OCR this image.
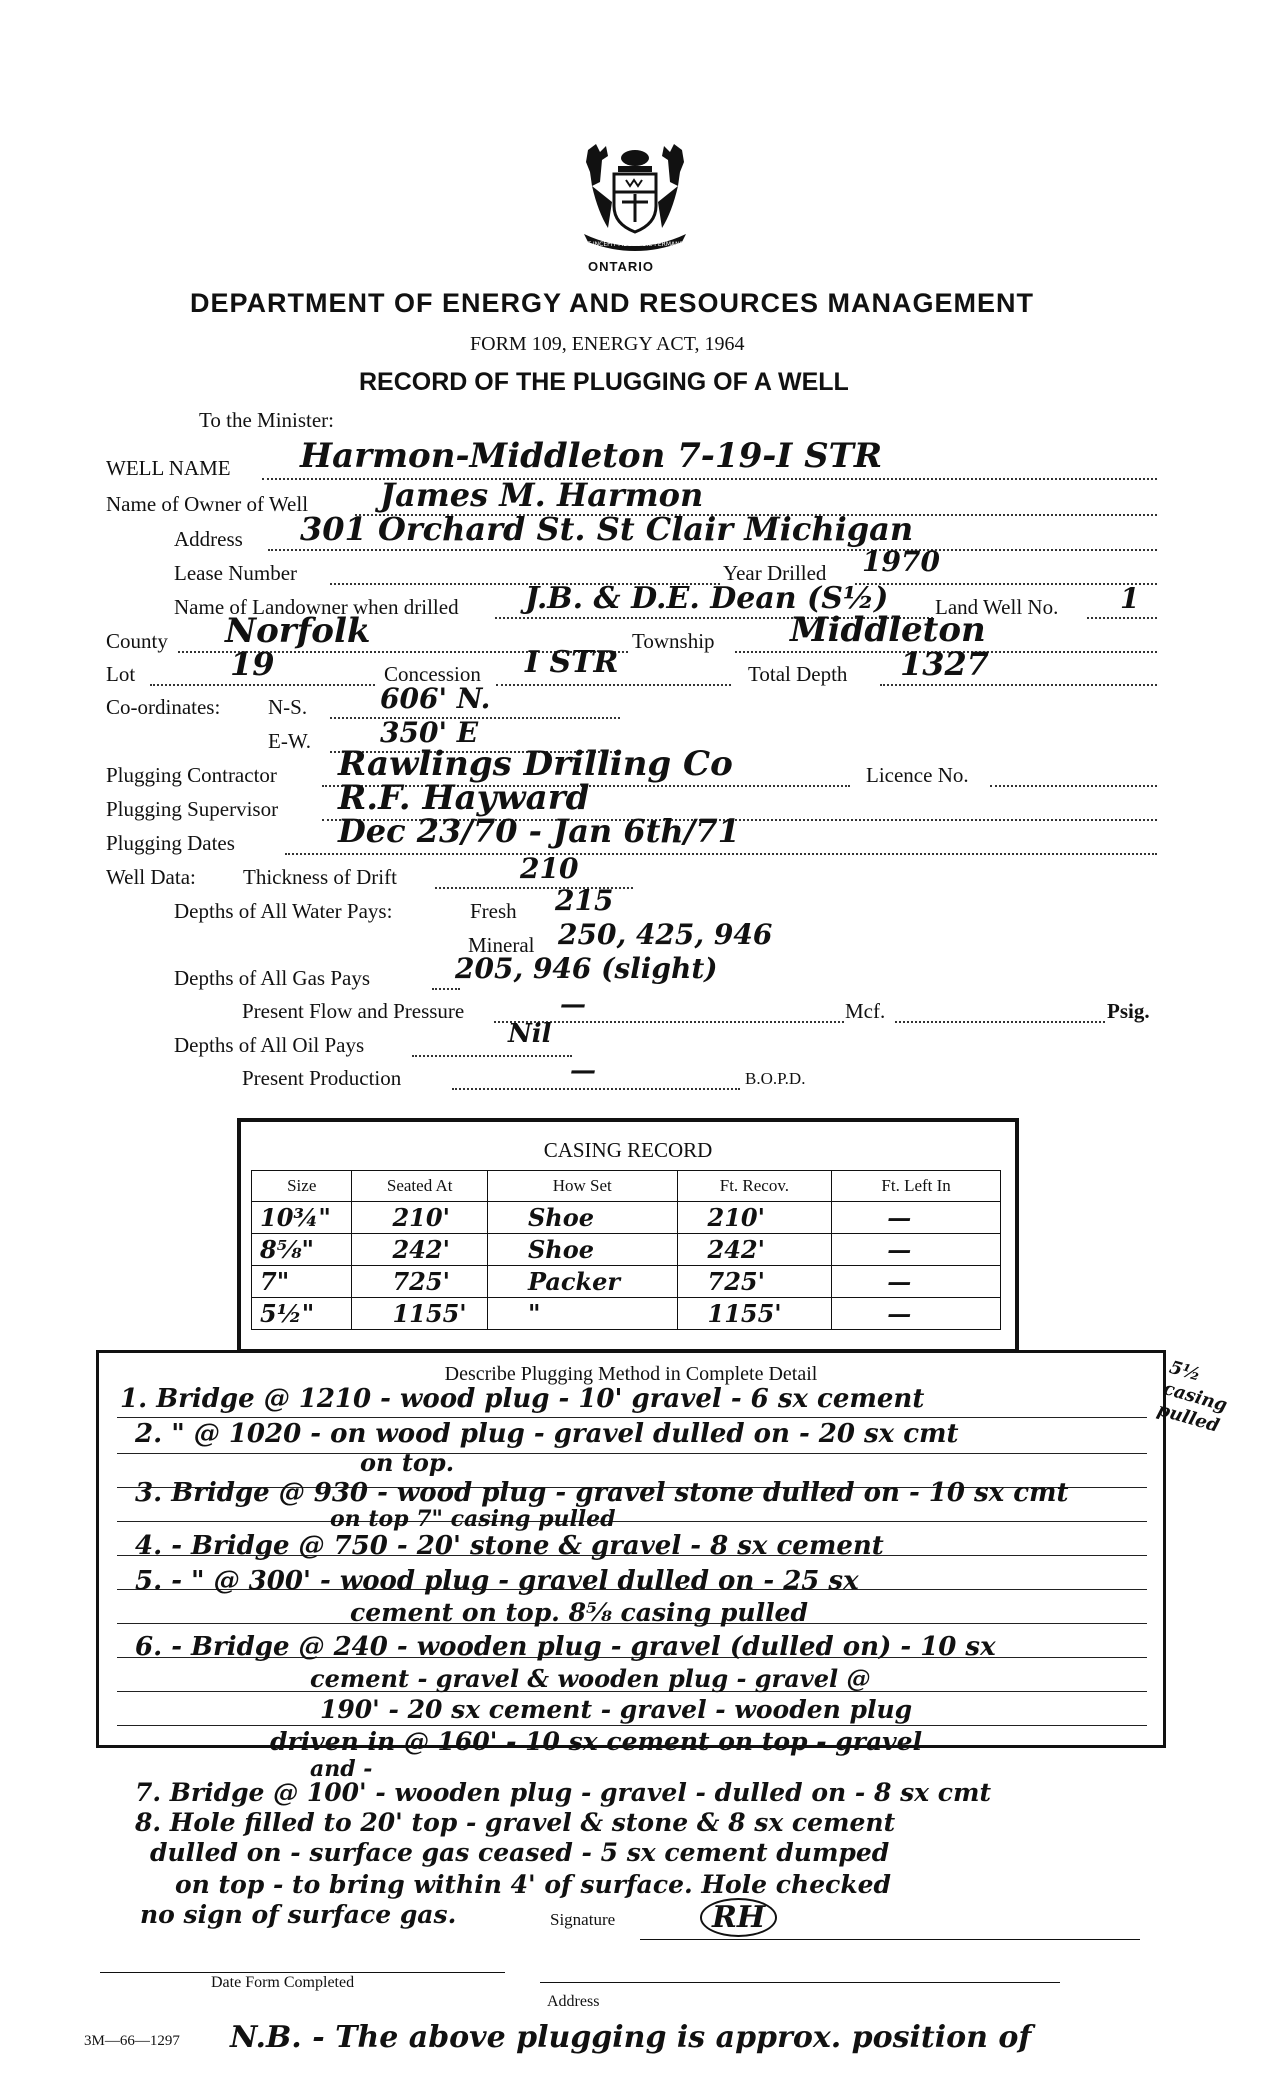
UT INCEPIT FIDELIS SIC PERMANET
ONTARIO
DEPARTMENT OF ENERGY AND RESOURCES MANAGEMENT
FORM 109, ENERGY ACT, 1964
RECORD OF THE PLUGGING OF A WELL
To the Minister:
WELL NAME Harmon-Middleton 7-19-I STR
Name of Owner of Well James M. Harmon
Address 301 Orchard St. St Clair Michigan
Lease Number	Year Drilled 1970
Name of Landowner when drilled J.B. & D.E. Dean (S½) Land Well No. 1
County Norfolk	Township Middleton
Lot	19	Concession I STR	Total Depth 1327
Co-ordinates: N-S.	606' N.
E-W. 350' E
Plugging Contractor Rawlings Drilling Co	Licence No.
Plugging Supervisor R.F. Hayward
Plugging Dates	Dec 23/70 - Jan 6th/71
Well Data: Thickness of Drift	210
Depths of All Water Pays:	Fresh 215
Mineral 250, 425, 946
Depths of All Gas Pays	205, 946 (slight)
Present Flow and Pressure	—	Mcf.	Psig.
Depths of All Oil Pays	Nil
Present Production	—	B.O.P.D.
CASING RECORD
Size	Seated At	How Set	Ft. Recov.	Ft. Left In
10¾"	210'	Shoe	210'	—
8⅝"	242'	Shoe	242'	—
7"	725'	Packer	725'	—
5½"	1155'	"	1155'	—
Describe Plugging Method in Complete Detail
1. Bridge @ 1210 - wood plug - 10' gravel - 6 sx cement
2. " @ 1020 - on wood plug - gravel dulled on - 20 sx cmt
on top.
3. Bridge @ 930 - wood plug - gravel stone dulled on - 10 sx cmt
on top 7" casing pulled
4. - Bridge @ 750 - 20' stone & gravel - 8 sx cement
5. - " @ 300' - wood plug - gravel dulled on - 25 sx
cement on top. 8⅝ casing pulled
6. - Bridge @ 240 - wooden plug - gravel (dulled on) - 10 sx
cement - gravel & wooden plug - gravel @
190' - 20 sx cement - gravel - wooden plug
driven in @ 160' - 10 sx cement on top - gravel
and -
7. Bridge @ 100' - wooden plug - gravel - dulled on - 8 sx cmt
8. Hole filled to 20' top - gravel & stone & 8 sx cement
dulled on - surface gas ceased - 5 sx cement dumped
on top - to bring within 4' of surface. Hole checked
no sign of surface gas.
5½ casing pulled
Signature	RH
Date Form Completed
Address
3M—66—1297 N.B. - The above plugging is approx. position of
